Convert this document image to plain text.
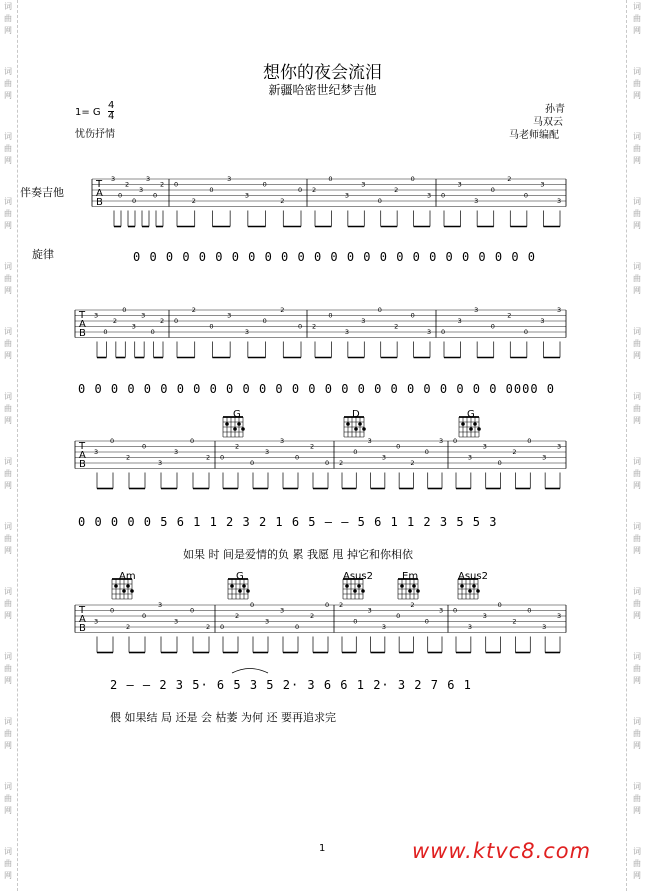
词
曲
网
词
曲
网
词
曲
网
词
曲
网
词
曲
网
词
曲
网
词
曲
网
词
曲
网
词
曲
网
词
曲
网
词
曲
网
词
曲
网
词
曲
网
词
曲
网
词
曲
网
词
曲
网
词
曲
网
词
曲
网
词
曲
网
词
曲
网
词
曲
网
词
曲
网
词
曲
网
词
曲
网
词
曲
网
词
曲
网
词
曲
网
词
曲
网
想你的夜会流泪
新疆哈密世纪梦吉他
1= G
4
4
忧伤抒情
孙青
马双云
马老师编配
伴奏吉他
旋律
T
A
B
3
0
2
0
3
3
0
2 0
2
0
3
3
0
2
0 2
0
3
3
0
2
0
3 0
3
3
0
2
0
3
3
T
A
B
3
0
2
0
3
3
0
2 0
2
0
3
3
0
2
0 2
0
3
3
0
2
0
3 0
3
3
0
2
0
3
3
T
A
B
3
0
2
0
3
3
0
2 0
2
0
3
3
0
2
0 2
0
3
3
0
2
0
3 0
3
3
0
2
0
3
3
T
A
B
3
0
2
0
3
3
0
2 0
2
0
3
3
0
2
0 2
0
3
3
0
2
0
3 0
3
3
0
2
0
3
3
0 0 0 0 0 0 0 0 0 0 0 0 0 0 0 0 0 0 0 0 0 0 0 0 0
0 0 0 0 0 0 0 0 0 0 0 0 0 0 0 0 0 0 0 0 0 0 0 0 0 0 0000 0
0 0 0 0 0 5 6 1 1 2 3 2 1 6 5 – – 5 6 1 1 2 3 5 5 3
如果 时 间是爱情的负 累 我愿 甩 掉它和你相依
2 – – 2 3 5· 6 5 3 5 2· 3 6 6 1 2· 3 2 7 6 1
偎 如果结 局 还是 会 枯萎 为何 还 要再追求完
G	D	G
Am	G	Asus2	Em	Asus2
1	www.ktvc8.com
